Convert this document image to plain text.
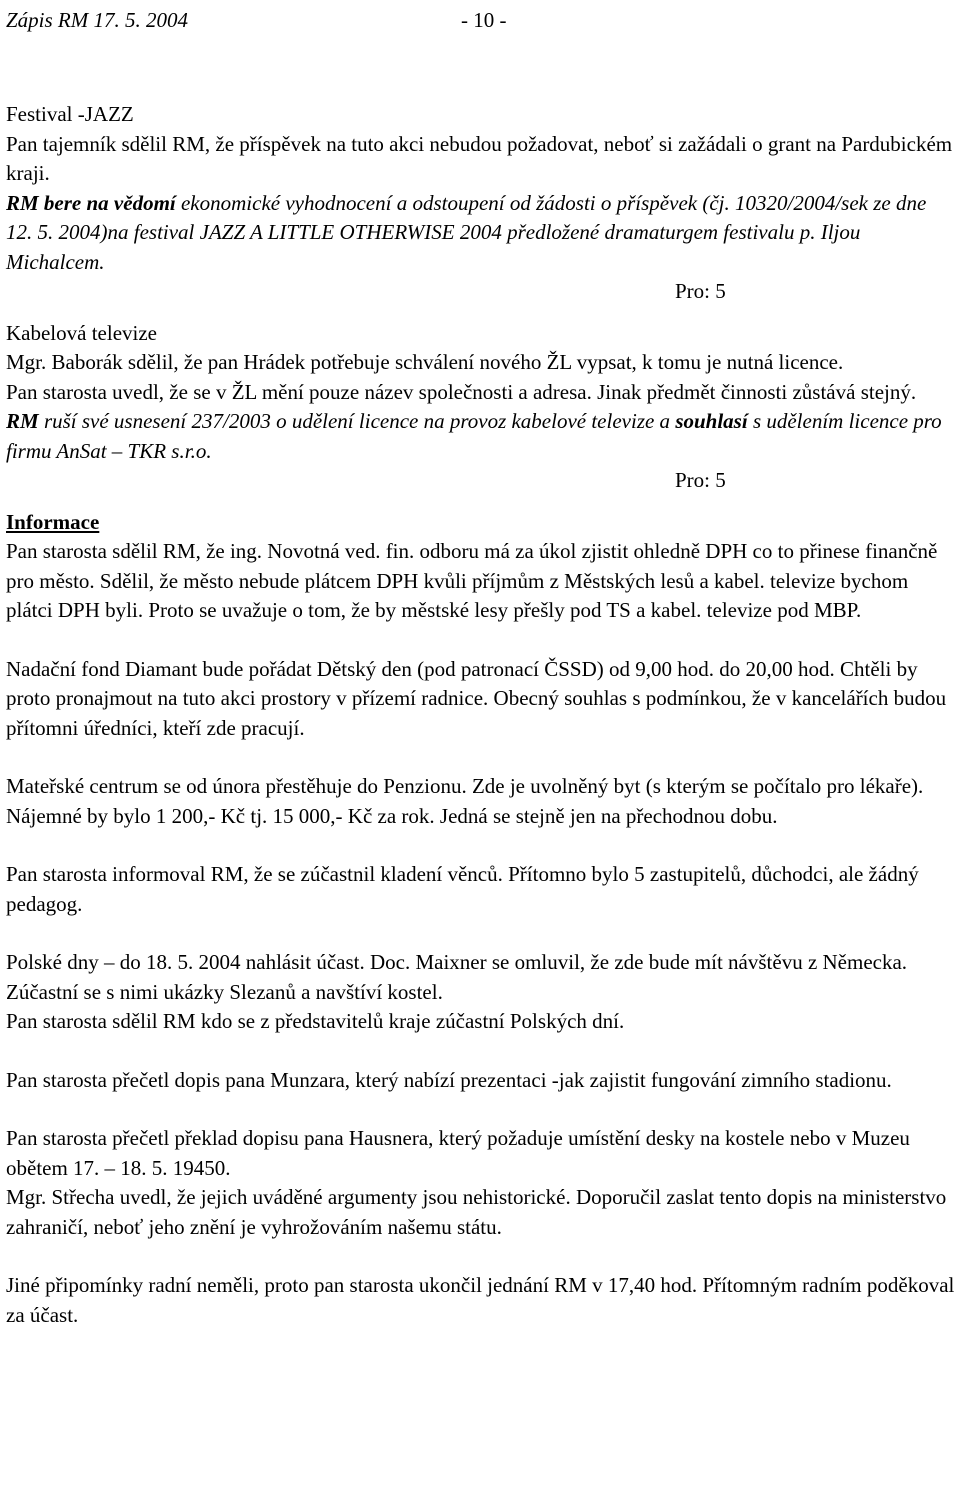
Zápis RM 17. 5. 2004	- 10 -

Festival -JAZZ

Pan tajemník sdělil RM, že příspěvek na tuto akci nebudou požadovat, neboť si zažádali o grant na Pardubickém kraji.

RM bere na vědomí ekonomické vyhodnocení a odstoupení od žádosti o příspěvek (čj. 10320/2004/sek ze dne 12. 5. 2004)na festival JAZZ A LITTLE OTHERWISE 2004 předložené dramaturgem festivalu p. Iljou Michalcem.

Pro: 5

Kabelová televize

Mgr. Baborák sdělil, že pan Hrádek potřebuje schválení nového ŽL vypsat, k tomu je nutná licence.

Pan starosta uvedl, že se v ŽL mění pouze název společnosti a adresa. Jinak předmět činnosti zůstává stejný.

RM ruší své usnesení 237/2003 o udělení licence na provoz kabelové televize a souhlasí s udělením licence pro firmu AnSat – TKR s.r.o.

Pro: 5

Informace

Pan starosta sdělil RM, že ing. Novotná ved. fin. odboru má za úkol zjistit ohledně DPH co to přinese finančně pro město. Sdělil, že město nebude plátcem DPH kvůli příjmům z Městských lesů a kabel. televize bychom plátci DPH byli. Proto se uvažuje o tom, že by městské lesy přešly pod TS a kabel. televize pod MBP.

Nadační fond Diamant bude pořádat Dětský den (pod patronací ČSSD) od 9,00 hod. do 20,00 hod. Chtěli by proto pronajmout na tuto akci prostory v přízemí radnice. Obecný souhlas s podmínkou, že v kancelářích budou přítomni úředníci, kteří zde pracují.

Mateřské centrum se od února přestěhuje do Penzionu. Zde je uvolněný byt (s kterým se počítalo pro lékaře). Nájemné by bylo 1 200,- Kč tj. 15 000,- Kč za rok. Jedná se stejně jen na přechodnou dobu.

Pan starosta informoval RM, že se zúčastnil kladení věnců. Přítomno bylo 5 zastupitelů, důchodci, ale žádný pedagog.

Polské dny – do 18. 5. 2004 nahlásit účast. Doc. Maixner se omluvil, že zde bude mít návštěvu z Německa. Zúčastní se s nimi ukázky Slezanů a navštíví kostel.

Pan starosta sdělil RM kdo se z představitelů kraje zúčastní Polských dní.

Pan starosta přečetl dopis pana Munzara, který nabízí prezentaci -jak zajistit fungování zimního stadionu.

Pan starosta přečetl překlad dopisu pana Hausnera, který požaduje umístění desky na kostele nebo v Muzeu obětem 17. – 18. 5. 19450.

Mgr. Střecha uvedl, že jejich uváděné argumenty jsou nehistorické. Doporučil zaslat tento dopis na ministerstvo zahraničí, neboť jeho znění je vyhrožováním našemu státu.

Jiné připomínky radní neměli, proto pan starosta ukončil jednání RM v 17,40 hod. Přítomným radním poděkoval za účast.
